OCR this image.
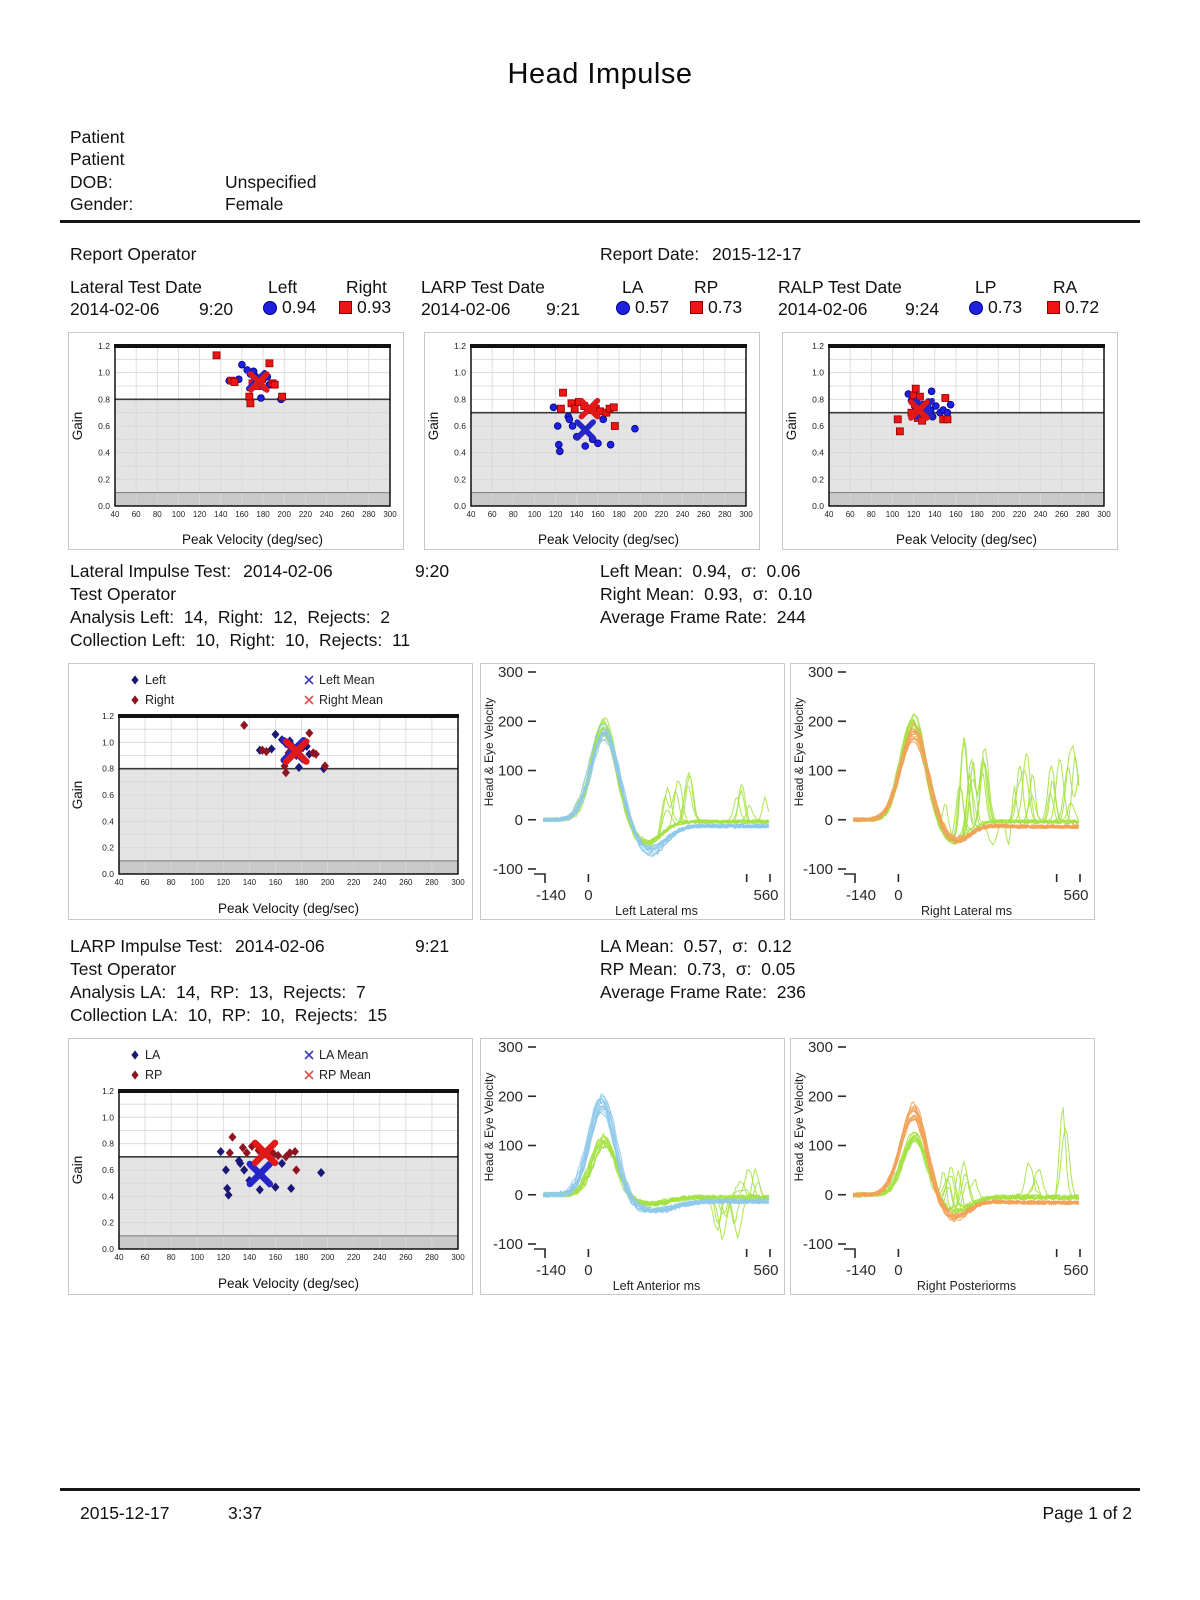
Head Impulse
Patient
Patient
DOB:	Unspecified
Gender:	Female
Report Operator	Report Date: 2015-12-17
Lateral Test Date	Left	Right
2014-02-06 9:20	0.94 0.93
LARP Test Date	LA	RP
2014-02-06 9:21	0.57 0.73
RALP Test Date	LP	RA
2014-02-06 9:24	0.73 0.72
0.0
0.2
0.4
0.6
0.8
1.0
1.2
40 60 80 100 120 140 160 180 200 220 240 260 280 300
Peak Velocity (deg/sec)
Gain
0.0
0.2
0.4
0.6
0.8
1.0
1.2
40 60 80 100 120 140 160 180 200 220 240 260 280 300
Peak Velocity (deg/sec)
Gain
0.0
0.2
0.4
0.6
0.8
1.0
1.2
40 60 80 100 120 140 160 180 200 220 240 260 280 300
Peak Velocity (deg/sec)
Gain
Lateral Impulse Test: 2014-02-06	9:20	Left Mean:  0.94,  σ:  0.06
Test Operator	Right Mean:  0.93,  σ:  0.10
Analysis Left:  14,  Right:  12,  Rejects:  2	Average Frame Rate:  244
Collection Left:  10,  Right:  10,  Rejects:  11
0.0
0.2
0.4
0.6
0.8
1.0
1.2
40 60 80 100 120 140 160 180 200 220 240 260 280 300
Peak Velocity (deg/sec)
Gain
Left
Right
Left Mean
Right Mean
300
200
100
0
-100
-140 0	560
Left Lateral ms
Head & Eye Velocity
300
200
100
0
-100
-140 0	560
Right Lateral ms
Head & Eye Velocity
LARP Impulse Test: 2014-02-06	9:21	LA Mean:  0.57,  σ:  0.12
Test Operator	RP Mean:  0.73,  σ:  0.05
Analysis LA:  14,  RP:  13,  Rejects:  7	Average Frame Rate:  236
Collection LA:  10,  RP:  10,  Rejects:  15
0.0
0.2
0.4
0.6
0.8
1.0
1.2
40 60 80 100 120 140 160 180 200 220 240 260 280 300
Peak Velocity (deg/sec)
Gain
LA
RP
LA Mean
RP Mean
300
200
100
0
-100
-140 0	560
Left Anterior ms
Head & Eye Velocity
300
200
100
0
-100
-140 0	560
Right Posteriorms
Head & Eye Velocity
2015-12-17	3:37	Page 1 of 2
